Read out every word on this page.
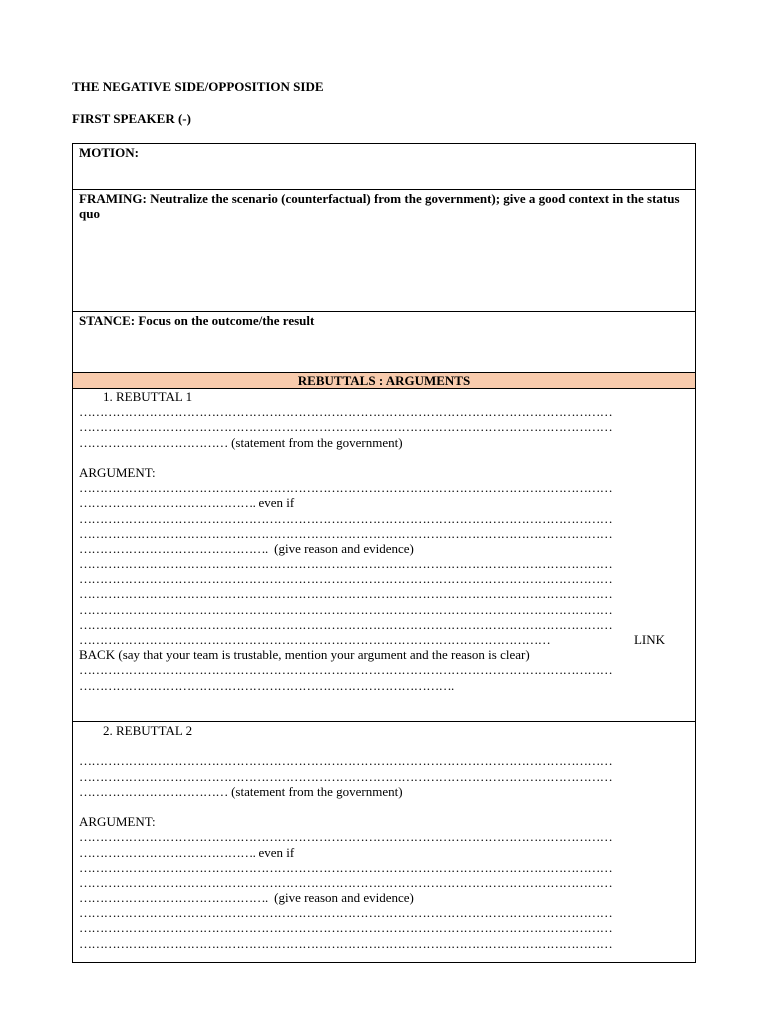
THE NEGATIVE SIDE/OPPOSITION SIDE

FIRST SPEAKER (-)

MOTION:
FRAMING: Neutralize the scenario (counterfactual) from the government); give a good context in the status quo
STANCE: Focus on the outcome/the result
REBUTTALS : ARGUMENTS
1. REBUTTAL 1
…………………………………………………………………………………………………………………
…………………………………………………………………………………………………………………
……………………………… (statement from the government)
ARGUMENT:
…………………………………………………………………………………………………………………
……………………………………. even if
…………………………………………………………………………………………………………………
…………………………………………………………………………………………………………………
………………………………………. (give reason and evidence)
…………………………………………………………………………………………………………………
…………………………………………………………………………………………………………………
…………………………………………………………………………………………………………………
…………………………………………………………………………………………………………………
…………………………………………………………………………………………………………………
……………………………………………………………………………………………………	LINK
BACK (say that your team is trustable, mention your argument and the reason is clear)
…………………………………………………………………………………………………………………
……………………………………………………………………………….
2. REBUTTAL 2
…………………………………………………………………………………………………………………
…………………………………………………………………………………………………………………
……………………………… (statement from the government)
ARGUMENT:
…………………………………………………………………………………………………………………
……………………………………. even if
…………………………………………………………………………………………………………………
…………………………………………………………………………………………………………………
………………………………………. (give reason and evidence)
…………………………………………………………………………………………………………………
…………………………………………………………………………………………………………………
…………………………………………………………………………………………………………………
